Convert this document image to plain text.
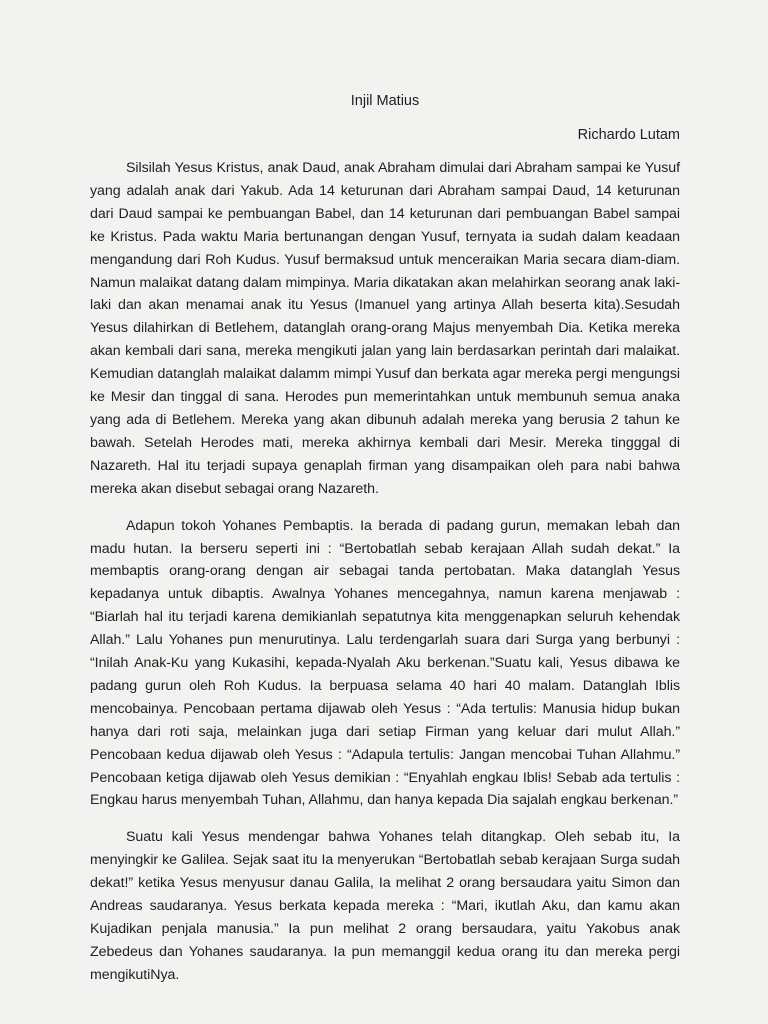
Injil Matius

Richardo Lutam

Silsilah Yesus Kristus, anak Daud, anak Abraham dimulai dari Abraham sampai ke Yusuf yang adalah anak dari Yakub. Ada 14 keturunan dari Abraham sampai Daud, 14 keturunan dari Daud sampai ke pembuangan Babel, dan 14 keturunan dari pembuangan Babel sampai ke Kristus. Pada waktu Maria bertunangan dengan Yusuf, ternyata ia sudah dalam keadaan mengandung dari Roh Kudus. Yusuf bermaksud untuk menceraikan Maria secara diam-diam. Namun malaikat datang dalam mimpinya. Maria dikatakan akan melahirkan seorang anak laki-laki dan akan menamai anak itu Yesus (Imanuel yang artinya Allah beserta kita).Sesudah Yesus dilahirkan di Betlehem, datanglah orang-orang Majus menyembah Dia. Ketika mereka akan kembali dari sana, mereka mengikuti jalan yang lain berdasarkan perintah dari malaikat. Kemudian datanglah malaikat dalamm mimpi Yusuf dan berkata agar mereka pergi mengungsi ke Mesir dan tinggal di sana. Herodes pun memerintahkan untuk membunuh semua anaka yang ada di Betlehem. Mereka yang akan dibunuh adalah mereka yang berusia 2 tahun ke bawah. Setelah Herodes mati, mereka akhirnya kembali dari Mesir. Mereka tingggal di Nazareth. Hal itu terjadi supaya genaplah firman yang disampaikan oleh para nabi bahwa mereka akan disebut sebagai orang Nazareth.

Adapun tokoh Yohanes Pembaptis. Ia berada di padang gurun, memakan lebah dan madu hutan. Ia berseru seperti ini : “Bertobatlah sebab kerajaan Allah sudah dekat.” Ia membaptis orang-orang dengan air sebagai tanda pertobatan. Maka datanglah Yesus kepadanya untuk dibaptis. Awalnya Yohanes mencegahnya, namun karena menjawab : “Biarlah hal itu terjadi karena demikianlah sepatutnya kita menggenapkan seluruh kehendak Allah.” Lalu Yohanes pun menurutinya. Lalu terdengarlah suara dari Surga yang berbunyi : “Inilah Anak-Ku yang Kukasihi, kepada-Nyalah Aku berkenan.”Suatu kali, Yesus dibawa ke padang gurun oleh Roh Kudus. Ia berpuasa selama 40 hari 40 malam. Datanglah Iblis mencobainya. Pencobaan pertama dijawab oleh Yesus : “Ada tertulis: Manusia hidup bukan hanya dari roti saja, melainkan juga dari setiap Firman yang keluar dari mulut Allah.” Pencobaan kedua dijawab oleh Yesus : “Adapula tertulis: Jangan mencobai Tuhan Allahmu.” Pencobaan ketiga dijawab oleh Yesus demikian : “Enyahlah engkau Iblis! Sebab ada tertulis : Engkau harus menyembah Tuhan, Allahmu, dan hanya kepada Dia sajalah engkau berkenan.”

Suatu kali Yesus mendengar bahwa Yohanes telah ditangkap. Oleh sebab itu, Ia menyingkir ke Galilea. Sejak saat itu Ia menyerukan “Bertobatlah sebab kerajaan Surga sudah dekat!” ketika Yesus menyusur danau Galila, Ia melihat 2 orang bersaudara yaitu Simon dan Andreas saudaranya. Yesus berkata kepada mereka : “Mari, ikutlah Aku, dan kamu akan Kujadikan penjala manusia.” Ia pun melihat 2 orang bersaudara, yaitu Yakobus anak Zebedeus dan Yohanes saudaranya. Ia pun memanggil kedua orang itu dan mereka pergi mengikutiNya.
